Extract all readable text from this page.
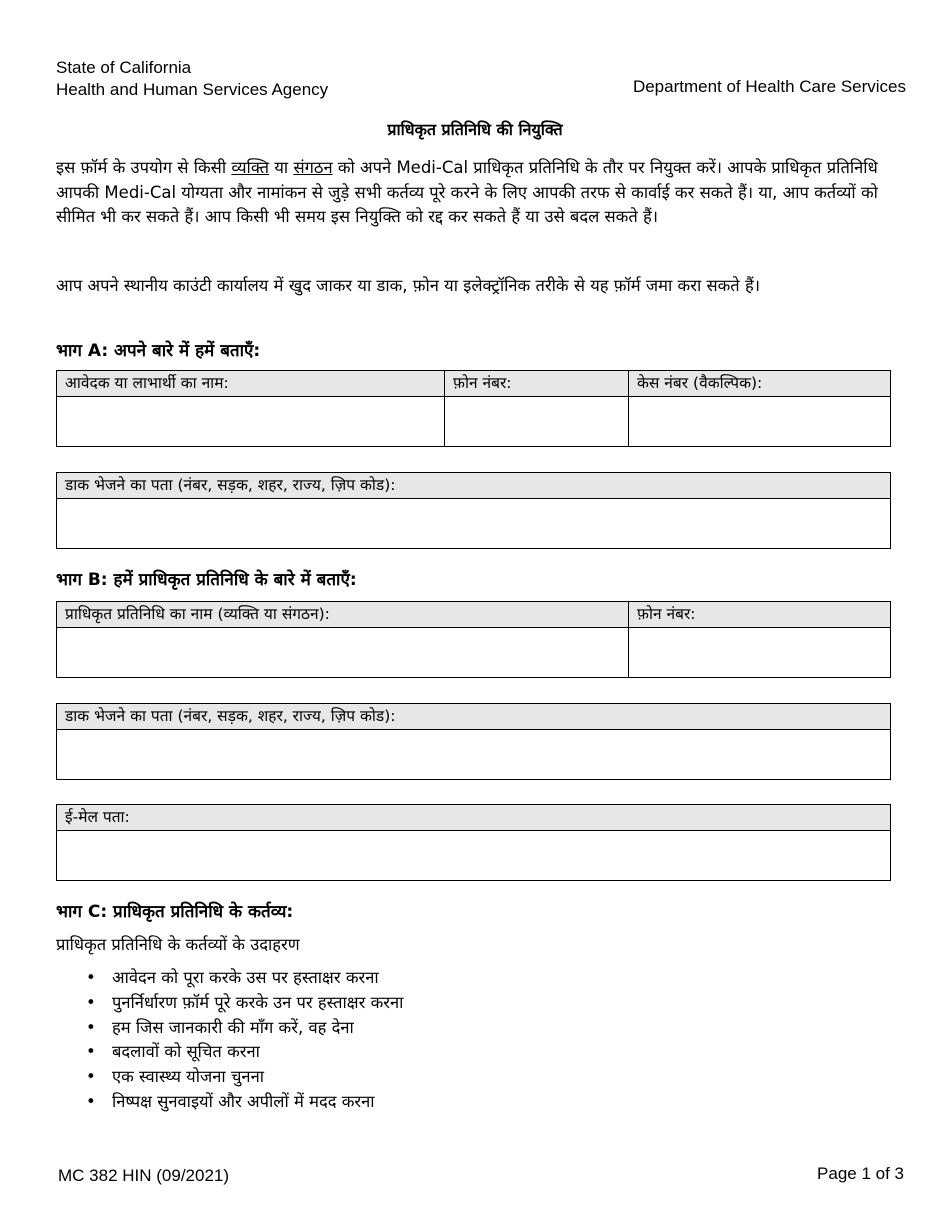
State of California
Health and Human Services Agency	Department of Health Care Services
प्राधिकृत प्रतिनिधि की नियुक्ति
इस फ़ॉर्म के उपयोग से किसी व्यक्ति या संगठन को अपने Medi-Cal प्राधिकृत प्रतिनिधि के तौर पर नियुक्त करें। आपके प्राधिकृत प्रतिनिधि आपकी Medi-Cal योग्यता और नामांकन से जुड़े सभी कर्तव्य पूरे करने के लिए आपकी तरफ से कार्वाई कर सकते हैं। या, आप कर्तव्यों को सीमित भी कर सकते हैं। आप किसी भी समय इस नियुक्ति को रद्द कर सकते हैं या उसे बदल सकते हैं।
आप अपने स्थानीय काउंटी कार्यालय में खुद जाकर या डाक, फ़ोन या इलेक्ट्रॉनिक तरीके से यह फ़ॉर्म जमा करा सकते हैं।
भाग A: अपने बारे में हमें बताएँ:
आवेदक या लाभार्थी का नाम:	फ़ोन नंबर:	केस नंबर (वैकल्पिक):
डाक भेजने का पता (नंबर, सड़क, शहर, राज्य, ज़िप कोड):
भाग B: हमें प्राधिकृत प्रतिनिधि के बारे में बताएँ:
प्राधिकृत प्रतिनिधि का नाम (व्यक्ति या संगठन):	फ़ोन नंबर:
डाक भेजने का पता (नंबर, सड़क, शहर, राज्य, ज़िप कोड):
ई-मेल पता:
भाग C: प्राधिकृत प्रतिनिधि के कर्तव्य:
प्राधिकृत प्रतिनिधि के कर्तव्यों के उदाहरण
• आवेदन को पूरा करके उस पर हस्ताक्षर करना
• पुनर्निर्धारण फ़ॉर्म पूरे करके उन पर हस्ताक्षर करना
• हम जिस जानकारी की माँग करें, वह देना
• बदलावों को सूचित करना
• एक स्वास्थ्य योजना चुनना
• निष्पक्ष सुनवाइयों और अपीलों में मदद करना
MC 382 HIN (09/2021)	Page 1 of 3
